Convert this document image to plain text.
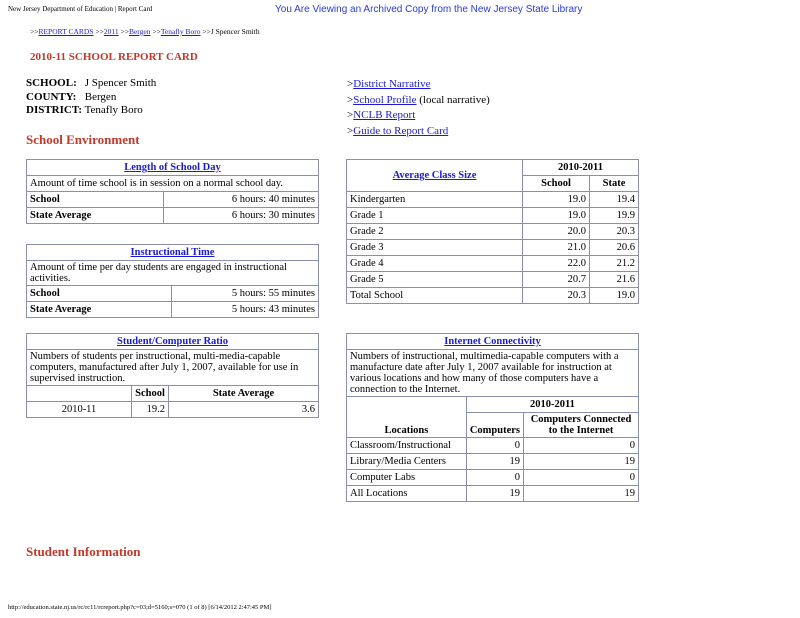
New Jersey Department of Education | Report Card	You Are Viewing an Archived Copy from the New Jersey State Library
>>REPORT CARDS >>2011 >>Bergen >>Tenafly Boro >>J Spencer Smith
2010-11 SCHOOL REPORT CARD
SCHOOL: J Spencer Smith
COUNTY: Bergen
DISTRICT: Tenafly Boro
>District Narrative
>School Profile (local narrative)
>NCLB Report
>Guide to Report Card
School Environment
Length of School Day	
Amount of time school is in session on a normal school day.	
School	6 hours: 40 minutes
State Average	6 hours: 30 minutes
Instructional Time	
Amount of time per day students are engaged in instructional activities.	
School	5 hours: 55 minutes
State Average	5 hours: 43 minutes
Student/Computer Ratio		
Numbers of students per instructional, multi-media-capable computers, manufactured after July 1, 2007, available for use in supervised instruction.		
	School	State Average
2010-11	19.2	3.6
Average Class Size	2010-2011	
	School	State
Kindergarten	19.0	19.4
Grade 1	19.0	19.9
Grade 2	20.0	20.3
Grade 3	21.0	20.6
Grade 4	22.0	21.2
Grade 5	20.7	21.6
Total School	20.3	19.0
Internet Connectivity		
Numbers of instructional, multimedia-capable computers with a manufacture date after July 1, 2007 available for instruction at various locations and how many of those computers have a connection to the Internet.		
Locations	2010-2011	
	Computers	Computers Connected to the Internet
Classroom/Instructional	0	0
Library/Media Centers	19	19
Computer Labs	0	0
All Locations	19	19
Student Information
http://education.state.nj.us/rc/rc11/rcreport.php?c=03;d=5160;s=070 (1 of 8) [6/14/2012 2:47:45 PM]
